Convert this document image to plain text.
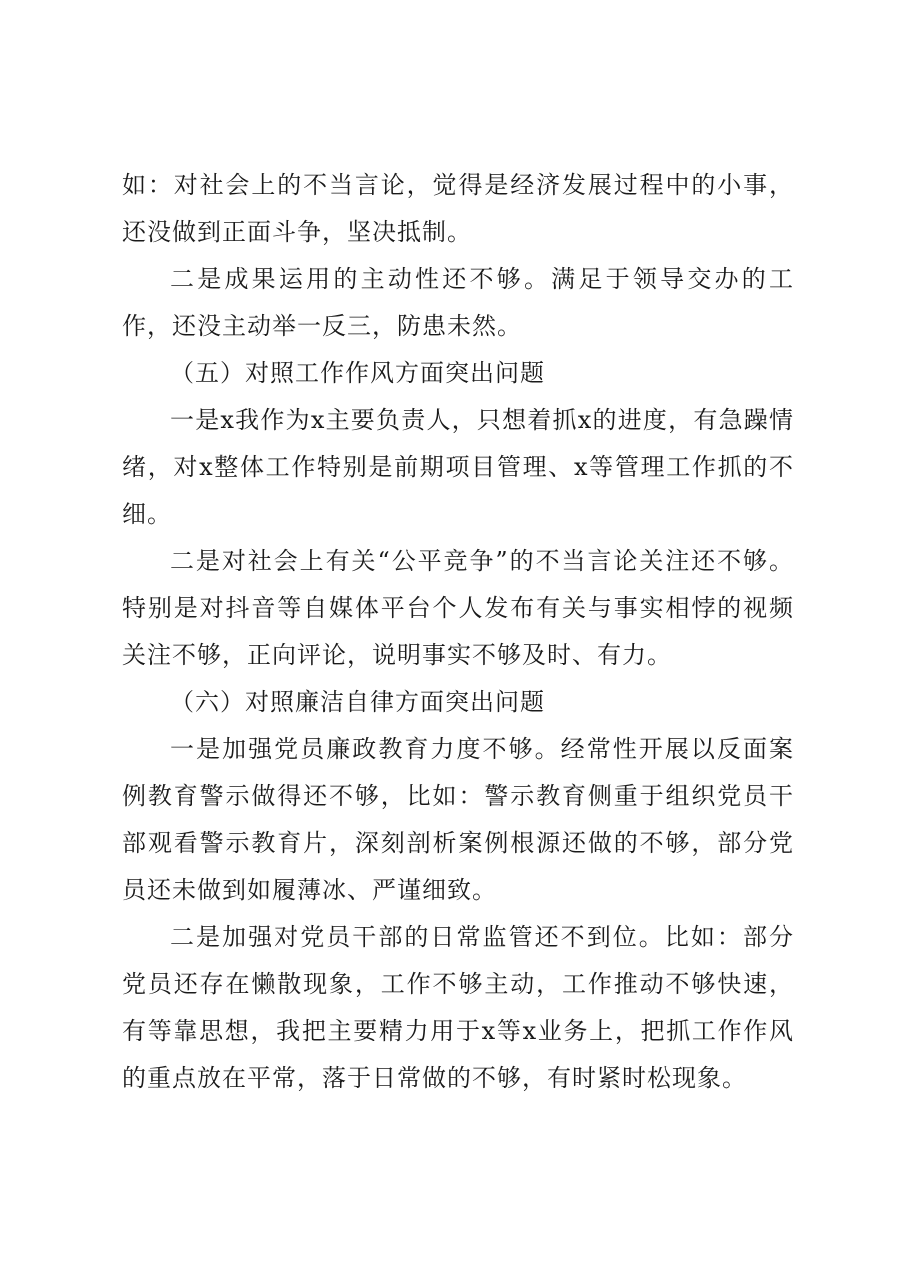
如：对社会上的不当言论，觉得是经济发展过程中的小事，还没做到正面斗争，坚决抵制。

二是成果运用的主动性还不够。满足于领导交办的工作，还没主动举一反三，防患未然。

（五）对照工作作风方面突出问题

一是x我作为x主要负责人，只想着抓x的进度，有急躁情绪，对x整体工作特别是前期项目管理、x等管理工作抓的不细。

二是对社会上有关“公平竞争”的不当言论关注还不够。特别是对抖音等自媒体平台个人发布有关与事实相悖的视频关注不够，正向评论，说明事实不够及时、有力。

（六）对照廉洁自律方面突出问题

一是加强党员廉政教育力度不够。经常性开展以反面案例教育警示做得还不够，比如：警示教育侧重于组织党员干部观看警示教育片，深刻剖析案例根源还做的不够，部分党员还未做到如履薄冰、严谨细致。

二是加强对党员干部的日常监管还不到位。比如：部分党员还存在懒散现象，工作不够主动，工作推动不够快速，有等靠思想，我把主要精力用于x等x业务上，把抓工作作风的重点放在平常，落于日常做的不够，有时紧时松现象。
